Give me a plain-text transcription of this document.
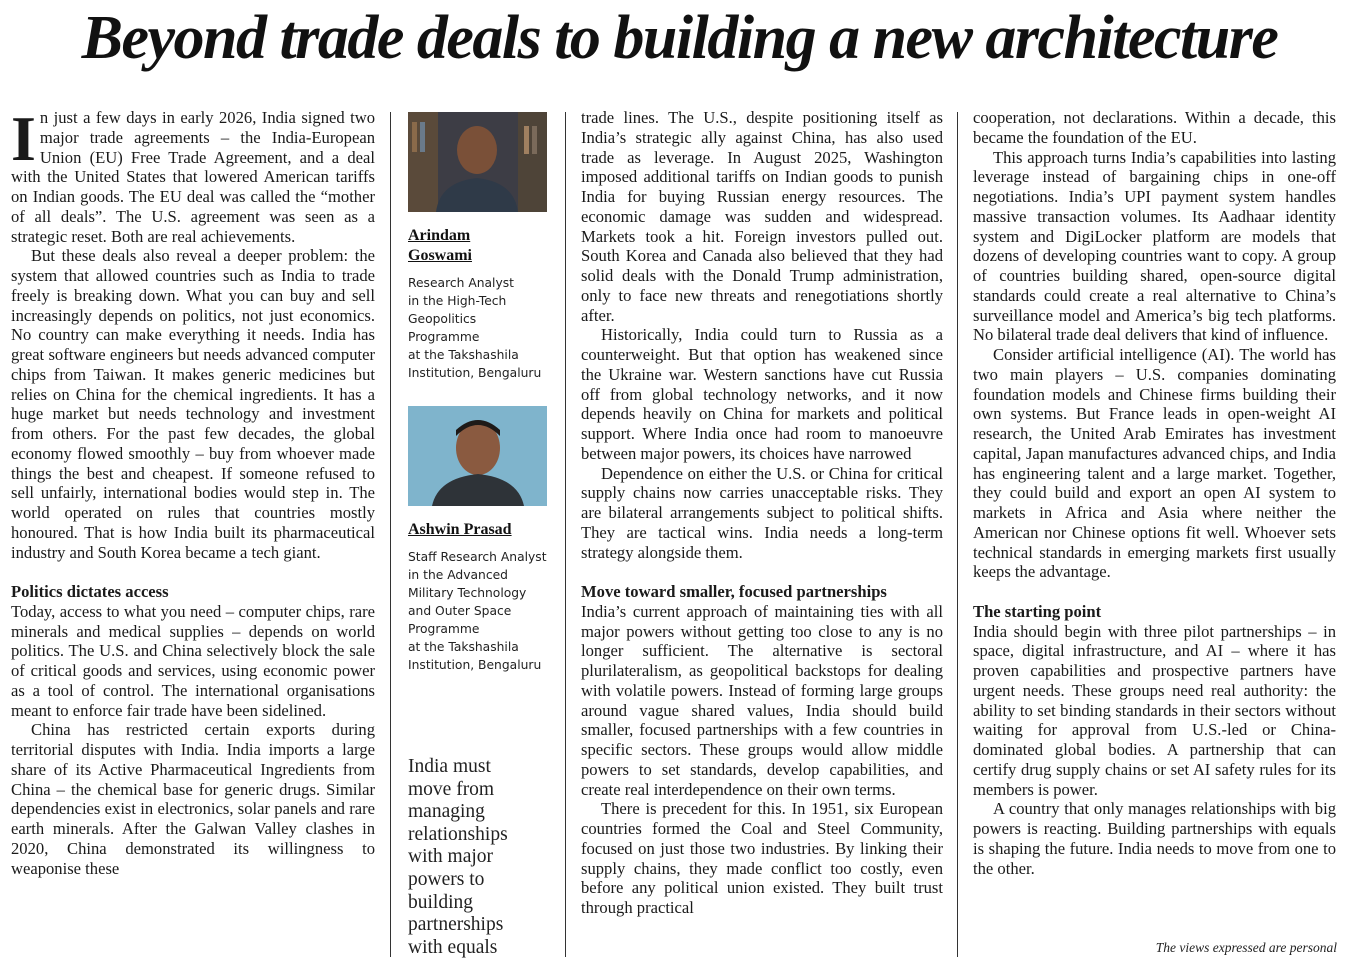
Beyond trade deals to building a new architecture

In just a few days in early 2026, India signed two major trade agreements – the India-European Union (EU) Free Trade Agreement, and a deal with the United States that lowered American tariffs on Indian goods. The EU deal was called the “mother of all deals”. The U.S. agreement was seen as a strategic reset. Both are real achievements.

But these deals also reveal a deeper problem: the system that allowed countries such as India to trade freely is breaking down. What you can buy and sell increasingly depends on politics, not just economics. No country can make everything it needs. India has great software engineers but needs advanced computer chips from Taiwan. It makes generic medicines but relies on China for the chemical ingredients. It has a huge market but needs technology and investment from others. For the past few decades, the global economy flowed smoothly – buy from whoever made things the best and cheapest. If someone refused to sell unfairly, international bodies would step in. The world operated on rules that countries mostly honoured. That is how India built its pharmaceutical industry and South Korea became a tech giant.

Politics dictates access

Today, access to what you need – computer chips, rare minerals and medical supplies – depends on world politics. The U.S. and China selectively block the sale of critical goods and services, using economic power as a tool of control. The international organisations meant to enforce fair trade have been sidelined.

China has restricted certain exports during territorial disputes with India. India imports a large share of its Active Pharmaceutical Ingredients from China – the chemical base for generic drugs. Similar dependencies exist in electronics, solar panels and rare earth minerals. After the Galwan Valley clashes in 2020, China demonstrated its willingness to weaponise these

Arindam
Goswami
Research Analyst
in the High-Tech
Geopolitics
Programme
at the Takshashila
Institution, Bengaluru
Ashwin Prasad
Staff Research Analyst
in the Advanced
Military Technology
and Outer Space
Programme
at the Takshashila
Institution, Bengaluru
India must
move from
managing
relationships
with major
powers to
building
partnerships
with equals

trade lines. The U.S., despite positioning itself as India’s strategic ally against China, has also used trade as leverage. In August 2025, Washington imposed additional tariffs on Indian goods to punish India for buying Russian energy resources. The economic damage was sudden and widespread. Markets took a hit. Foreign investors pulled out. South Korea and Canada also believed that they had solid deals with the Donald Trump administration, only to face new threats and renegotiations shortly after.

Historically, India could turn to Russia as a counterweight. But that option has weakened since the Ukraine war. Western sanctions have cut Russia off from global technology networks, and it now depends heavily on China for markets and political support. Where India once had room to manoeuvre between major powers, its choices have narrowed

Dependence on either the U.S. or China for critical supply chains now carries unacceptable risks. They are bilateral arrangements subject to political shifts. They are tactical wins. India needs a long-term strategy alongside them.

Move toward smaller, focused partnerships

India’s current approach of maintaining ties with all major powers without getting too close to any is no longer sufficient. The alternative is sectoral plurilateralism, as geopolitical backstops for dealing with volatile powers. Instead of forming large groups around vague shared values, India should build smaller, focused partnerships with a few countries in specific sectors. These groups would allow middle powers to set standards, develop capabilities, and create real interdependence on their own terms.

There is precedent for this. In 1951, six European countries formed the Coal and Steel Community, focused on just those two industries. By linking their supply chains, they made conflict too costly, even before any political union existed. They built trust through practical

cooperation, not declarations. Within a decade, this became the foundation of the EU.

This approach turns India’s capabilities into lasting leverage instead of bargaining chips in one-off negotiations. India’s UPI payment system handles massive transaction volumes. Its Aadhaar identity system and DigiLocker platform are models that dozens of developing countries want to copy. A group of countries building shared, open-source digital standards could create a real alternative to China’s surveillance model and America’s big tech platforms. No bilateral trade deal delivers that kind of influence.

Consider artificial intelligence (AI). The world has two main players – U.S. companies dominating foundation models and Chinese firms building their own systems. But France leads in open-weight AI research, the United Arab Emirates has investment capital, Japan manufactures advanced chips, and India has engineering talent and a large market. Together, they could build and export an open AI system to markets in Africa and Asia where neither the American nor Chinese options fit well. Whoever sets technical standards in emerging markets first usually keeps the advantage.

The starting point

India should begin with three pilot partnerships – in space, digital infrastructure, and AI – where it has proven capabilities and prospective partners have urgent needs. These groups need real authority: the ability to set binding standards in their sectors without waiting for approval from U.S.-led or China-dominated global bodies. A partnership that can certify drug supply chains or set AI safety rules for its members is power.

A country that only manages relationships with big powers is reacting. Building partnerships with equals is shaping the future. India needs to move from one to the other.

The views expressed are personal
